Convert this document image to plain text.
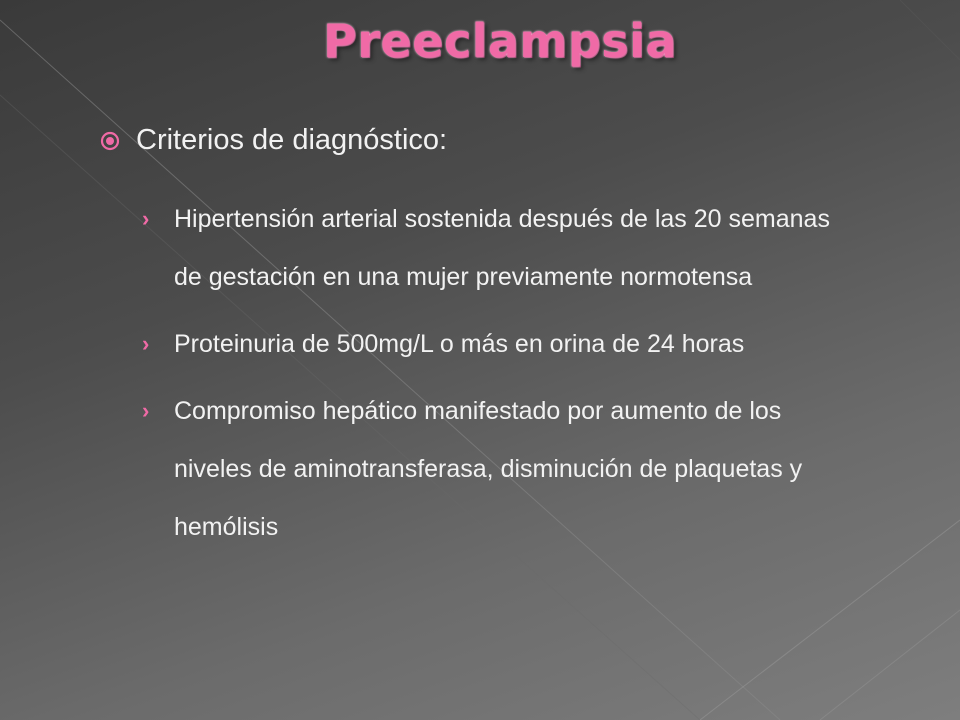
Preeclampsia
Criterios de diagnóstico:
› Hipertensión arterial sostenida después de las 20 semanas de gestación en una mujer previamente normotensa
› Proteinuria de 500mg/L o más en orina de 24 horas
› Compromiso hepático manifestado por aumento de los niveles de aminotransferasa, disminución de plaquetas y hemólisis
